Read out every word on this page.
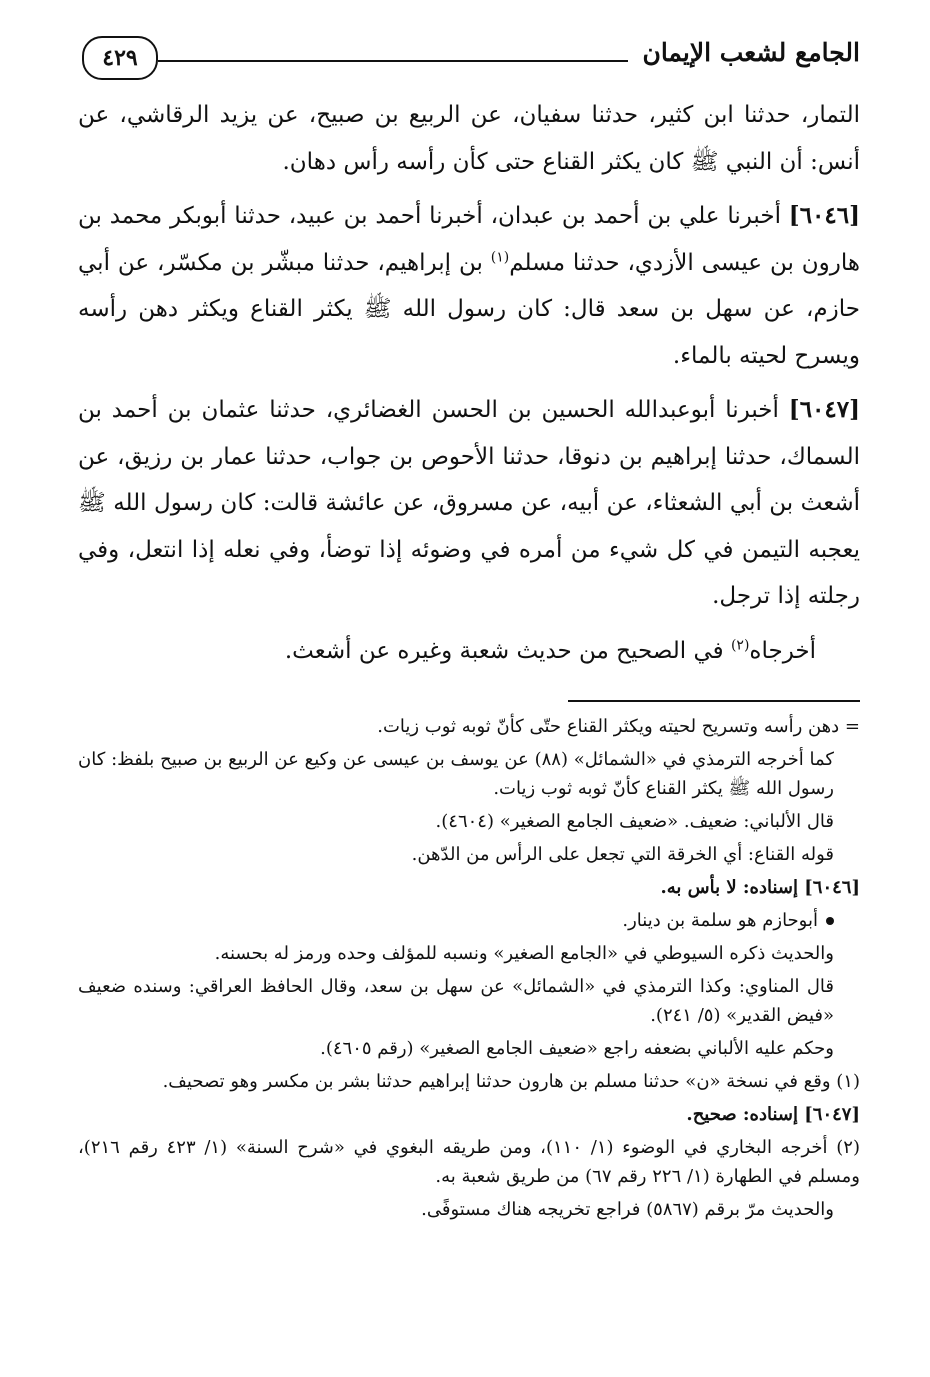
الجامع لشعب الإيمان
٤٢٩

التمار، حدثنا ابن كثير، حدثنا سفيان، عن الربيع بن صبيح، عن يزيد الرقاشي، عن أنس: أن النبي ﷺ كان يكثر القناع حتى كأن رأسه رأس دهان.

[٦٠٤٦] أخبرنا علي بن أحمد بن عبدان، أخبرنا أحمد بن عبيد، حدثنا أبوبكر محمد بن هارون بن عيسى الأزدي، حدثنا مسلم$^{(١)}$ بن إبراهيم، حدثنا مبشّر بن مكسّر، عن أبي حازم، عن سهل بن سعد قال: كان رسول الله ﷺ يكثر القناع ويكثر دهن رأسه ويسرح لحيته بالماء.

[٦٠٤٧] أخبرنا أبوعبدالله الحسين بن الحسن الغضائري، حدثنا عثمان بن أحمد بن السماك، حدثنا إبراهيم بن دنوقا، حدثنا الأحوص بن جواب، حدثنا عمار بن رزيق، عن أشعث بن أبي الشعثاء، عن أبيه، عن مسروق، عن عائشة قالت: كان رسول الله ﷺ يعجبه التيمن في كل شيء من أمره في وضوئه إذا توضأ، وفي نعله إذا انتعل، وفي رجلته إذا ترجل.

أخرجاه$^{(٢)}$ في الصحيح من حديث شعبة وغيره عن أشعث.

= دهن رأسه وتسريح لحيته ويكثر القناع حتّى كأنّ ثوبه ثوب زيات.

كما أخرجه الترمذي في «الشمائل» (٨٨) عن يوسف بن عيسى عن وكيع عن الربيع بن صبيح بلفظ: كان رسول الله ﷺ يكثر القناع كأنّ ثوبه ثوب زيات.

قال الألباني: ضعيف. «ضعيف الجامع الصغير» (٤٦٠٤).

قوله القناع: أي الخرقة التي تجعل على الرأس من الدّهن.

[٦٠٤٦] إسناده: لا بأس به.

أبوحازم هو سلمة بن دينار.

والحديث ذكره السيوطي في «الجامع الصغير» ونسبه للمؤلف وحده ورمز له بحسنه.

قال المناوي: وكذا الترمذي في «الشمائل» عن سهل بن سعد، وقال الحافظ العراقي: وسنده ضعيف «فيض القدير» (٥/ ٢٤١).

وحكم عليه الألباني بضعفه راجع «ضعيف الجامع الصغير» (رقم ٤٦٠٥).

(١) وقع في نسخة «ن» حدثنا مسلم بن هارون حدثنا إبراهيم حدثنا بشر بن مكسر وهو تصحيف.

[٦٠٤٧] إسناده: صحيح.

(٢) أخرجه البخاري في الوضوء (١/ ١١٠)، ومن طريقه البغوي في «شرح السنة» (١/ ٤٢٣ رقم ٢١٦)، ومسلم في الطهارة (١/ ٢٢٦ رقم ٦٧) من طريق شعبة به.

والحديث مرّ برقم (٥٨٦٧) فراجع تخريجه هناك مستوفًى.
